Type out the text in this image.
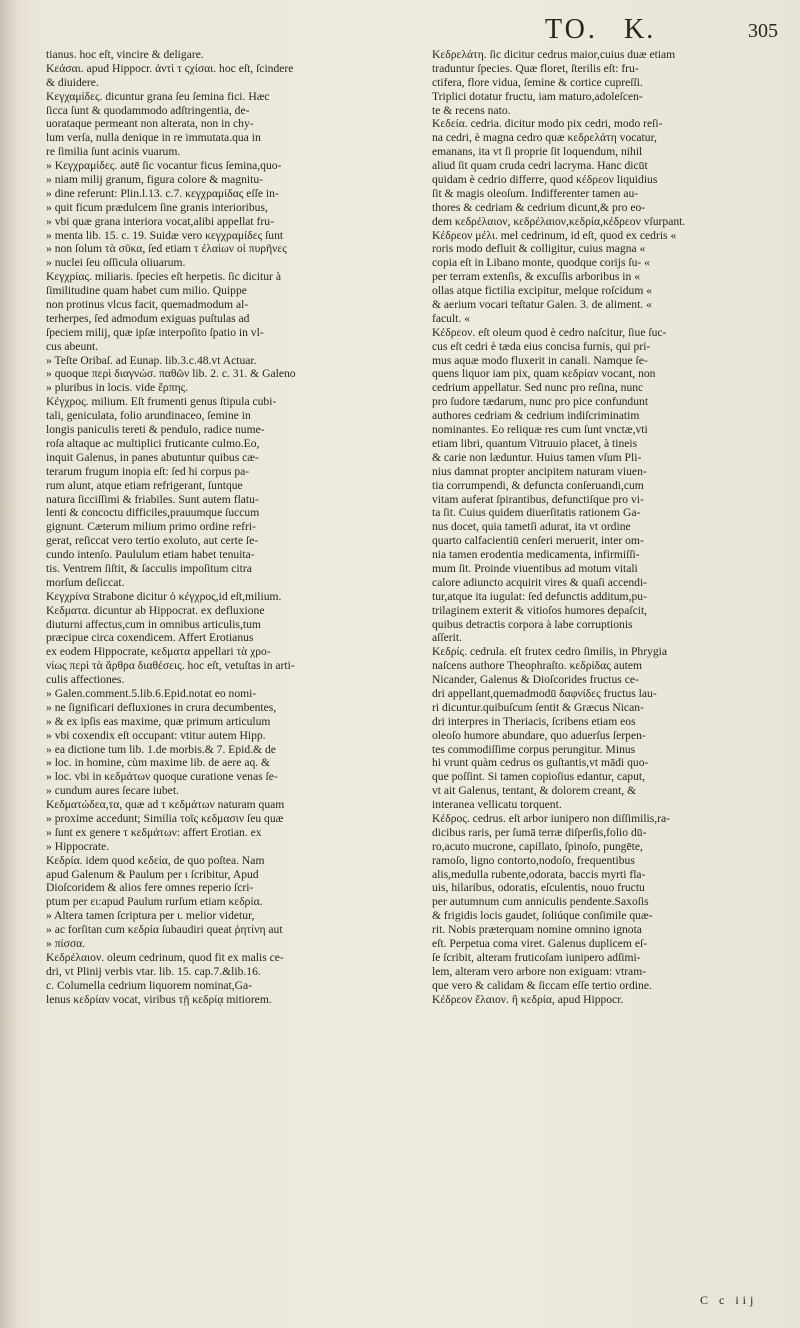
TO. K.	305
tianus. hoc eſt, vincire & deligare.
Κεάσαι. apud Hippocr. ἀντὶ τ ϛχίσαι. hoc eſt, ſcindere
& diuidere.
Κεγχαμίδες. dicuntur grana ſeu ſemina fici. Hæc
ſicca ſunt & quodammodo adſtringentia, de-
uorataque permeant non alterata, non in chy-
lum verſa, nulla denique in re immutata.qua in
re ſimilia ſunt acinis vuarum.
» Κεγχραμίδες. autē ſic vocantur ficus ſemina,quo-
» niam milij granum, figura colore & magnitu-
» dine referunt: Plin.l.13. c.7. κεγχραμίδας eſſe in-
» quit ficum prædulcem ſine granis interioribus,
» vbi quæ grana interiora vocat,alibi appellat fru-
» menta lib. 15. c. 19. Suidæ vero κεγχραμίδες ſunt
» non ſolum τὰ σῦκα, ſed etiam τ ἐλαίων οἱ πυρῆνες
» nuclei ſeu oſſicula oliuarum.
Κεγχρίας. miliaris. ſpecies eſt herpetis. ſic dicitur à
ſimilitudine quam habet cum milio. Quippe
non protinus vlcus facit, quemadmodum al-
terherpes, ſed admodum exiguas puſtulas ad
ſpeciem milij, quæ ipſæ interpoſito ſpatio in vl-
cus abeunt.
» Teſte Oribaſ. ad Eunap. lib.3.c.48.vt Actuar.
» quoque περὶ διαγνώσ. παθῶν lib. 2. c. 31. & Galeno
» pluribus in locis. vide ἕρπης.
Κέγχρος. milium. Eſt frumenti genus ſtipula cubi-
tali, geniculata, folio arundinaceo, ſemine in
longis paniculis tereti & pendulo, radice nume-
roſa altaque ac multiplici fruticante culmo.Eo,
inquit Galenus, in panes abutuntur quibus cæ-
terarum frugum inopia eſt: ſed hi corpus pa-
rum alunt, atque etiam refrigerant, ſuntque
natura ſicciſſimi & friabiles. Sunt autem flatu-
lenti & concoctu difficiles,prauumque ſuccum
gignunt. Cæterum milium primo ordine refri-
gerat, reſiccat vero tertio exoluto, aut certe ſe-
cundo intenſo. Paululum etiam habet tenuita-
tis. Ventrem ſiſtit, & ſacculis impoſitum citra
morſum deſiccat.
Κεγχρίνα Strabone dicitur ὁ κέγχρος,id eſt,milium.
Κεδματα. dicuntur ab Hippocrat. ex defluxione
diuturni affectus,cum in omnibus articulis,tum
præcipue circa coxendicem. Affert Erotianus
ex eodem Hippocrate, κεδματα appellari τὰ χρο-
νίως περὶ τὰ ἄρθρα διαθέσεις. hoc eſt, vetuſtas in arti-
culis affectiones.
» Galen.comment.5.lib.6.Epid.notat eo nomi-
» ne ſignificari defluxiones in crura decumbentes,
» & ex ipſis eas maxime, quæ primum articulum
» vbi coxendix eſt occupant: vtitur autem Hipp.
» ea dictione tum lib. 1.de morbis.& 7. Epid.& de
» loc. in homine, cùm maxime lib. de aere aq. &
» loc. vbi in κεδμάτων quoque curatione venas ſe-
» cundum aures ſecare iubet.
Κεδματώδεα,τα, quæ ad τ κεδμάτων naturam quam
» proxime accedunt; Similia τοῖς κεδμασιν ſeu quæ
» ſunt ex genere τ κεδμάτων: affert Erotian. ex
» Hippocrate.
Κεδρία. idem quod κεδεία, de quo poſtea. Nam
apud Galenum & Paulum per ι ſcribitur, Apud
Dioſcoridem & alios fere omnes reperio ſcri-
ptum per ει:apud Paulum rurſum etiam κεδρία.
» Altera tamen ſcriptura per ι. melior videtur,
» ac forſitan cum κεδρία ſubaudiri queat ῥητίνη aut
» πίσσα.
Κεδρέλαιον. oleum cedrinum, quod fit ex malis ce-
dri, vt Plinij verbis vtar. lib. 15. cap.7.&lib.16.
c. Columella cedrium liquorem nominat,Ga-
lenus κεδρίαν vocat, viribus τῇ κεδρίᾳ mitiorem.
Κεδρελάτη. ſic dicitur cedrus maior,cuius duæ etiam
traduntur ſpecies. Quæ floret, ſterilis eſt: fru-
ctifera, flore vidua, ſemine & cortice cupreſſi.
Triplici dotatur fructu, iam maturo,adoleſcen-
te & recens nato.
Κεδεία. cedria. dicitur modo pix cedri, modo reſi-
na cedri, è magna cedro quæ κεδρελάτη vocatur,
emanans, ita vt ſi proprie ſit loquendum, nihil
aliud ſit quam cruda cedri lacryma. Hanc dicūt
quidam è cedrio differre, quod κέδρεον liquidius
ſit & magis oleoſum. Indifferenter tamen au-
thores & cedriam & cedrium dicunt,& pro eo-
dem κεδρέλαιον, κεδρέλαιον,κεδρία,κέδρεον vſurpant.
Κέδρεον μέλι. mel cedrinum, id eſt, quod ex cedris «
roris modo defluit & colligitur, cuius magna «
copia eſt in Libano monte, quodque corijs ſu- «
per terram extenſis, & excuſſis arboribus in «
ollas atque fictilia excipitur, melque roſcidum «
& aerium vocari teſtatur Galen. 3. de aliment. «
facult. «
Κέδρεον. eſt oleum quod è cedro naſcitur, ſiue ſuc-
cus eſt cedri è tæda eius concisa furnis, qui pri-
mus aquæ modo fluxerit in canali. Namque ſe-
quens liquor iam pix, quam κεδρίαν vocant, non
cedrium appellatur. Sed nunc pro reſina, nunc
pro ſudore tædarum, nunc pro pice confundunt
authores cedriam & cedrium indiſcriminatim
nominantes. Eo reliquæ res cum ſunt vnctæ,vti
etiam libri, quantum Vitruuio placet, à tineis
& carie non læduntur. Huius tamen vſum Pli-
nius damnat propter ancipitem naturam viuen-
tia corrumpendi, & defuncta conſeruandi,cum
vitam auferat ſpirantibus, defunctiſque pro vi-
ta ſit. Cuius quidem diuerſitatis rationem Ga-
nus docet, quia tametſi adurat, ita vt ordine
quarto calfacientiū cenſeri meruerit, inter om-
nia tamen erodentia medicamenta, infirmiſſi-
mum ſit. Proinde viuentibus ad motum vitali
calore adiuncto acquirit vires & quaſi accendi-
tur,atque ita iugulat: ſed defunctis additum,pu-
trilaginem exterit & vitioſos humores depaſcit,
quibus detractis corpora à labe corruptionis
aſſerit.
Κεδρίς. cedrula. eſt frutex cedro ſimilis, in Phrygia
naſcens authore Theophraſto. κεδρίδας autem
Nicander, Galenus & Dioſcorides fructus ce-
dri appellant,quemadmodū δαφνίδες fructus lau-
ri dicuntur.quibuſcum ſentit & Græcus Nican-
dri interpres in Theriacis, ſcribens etiam eos
oleoſo humore abundare, quo aduerſus ſerpen-
tes commodiſſime corpus perungitur. Minus
hi vrunt quàm cedrus os guſtantis,vt mādi quo-
que poſſint. Si tamen copioſius edantur, caput,
vt ait Galenus, tentant, & dolorem creant, &
interanea vellicatu torquent.
Κέδρος. cedrus. eſt arbor iunipero non diſſimilis,ra-
dicibus raris, per ſumā terræ diſperſis,folio dū-
ro,acuto mucrone, capillato, ſpinoſo, pungēte,
ramoſo, ligno contorto,nodoſo, frequentibus
alis,medulla rubente,odorata, baccis myrti fla-
uis, hilaribus, odoratis, eſculentis, nouo fructu
per autumnum cum anniculis pendente.Saxoſis
& frigidis locis gaudet, ſoliúque conſimile quæ-
rit. Nobis præterquam nomine omnino ignota
eſt. Perpetua coma viret. Galenus duplicem eſ-
ſe ſcribit, alteram fruticoſam iunipero adſimi-
lem, alteram vero arbore non exiguam: vtram-
que vero & calidam & ſiccam eſſe tertio ordine.
Κέδρεον ἔλαιον. ἢ κεδρία, apud Hippocr.
C c iij
